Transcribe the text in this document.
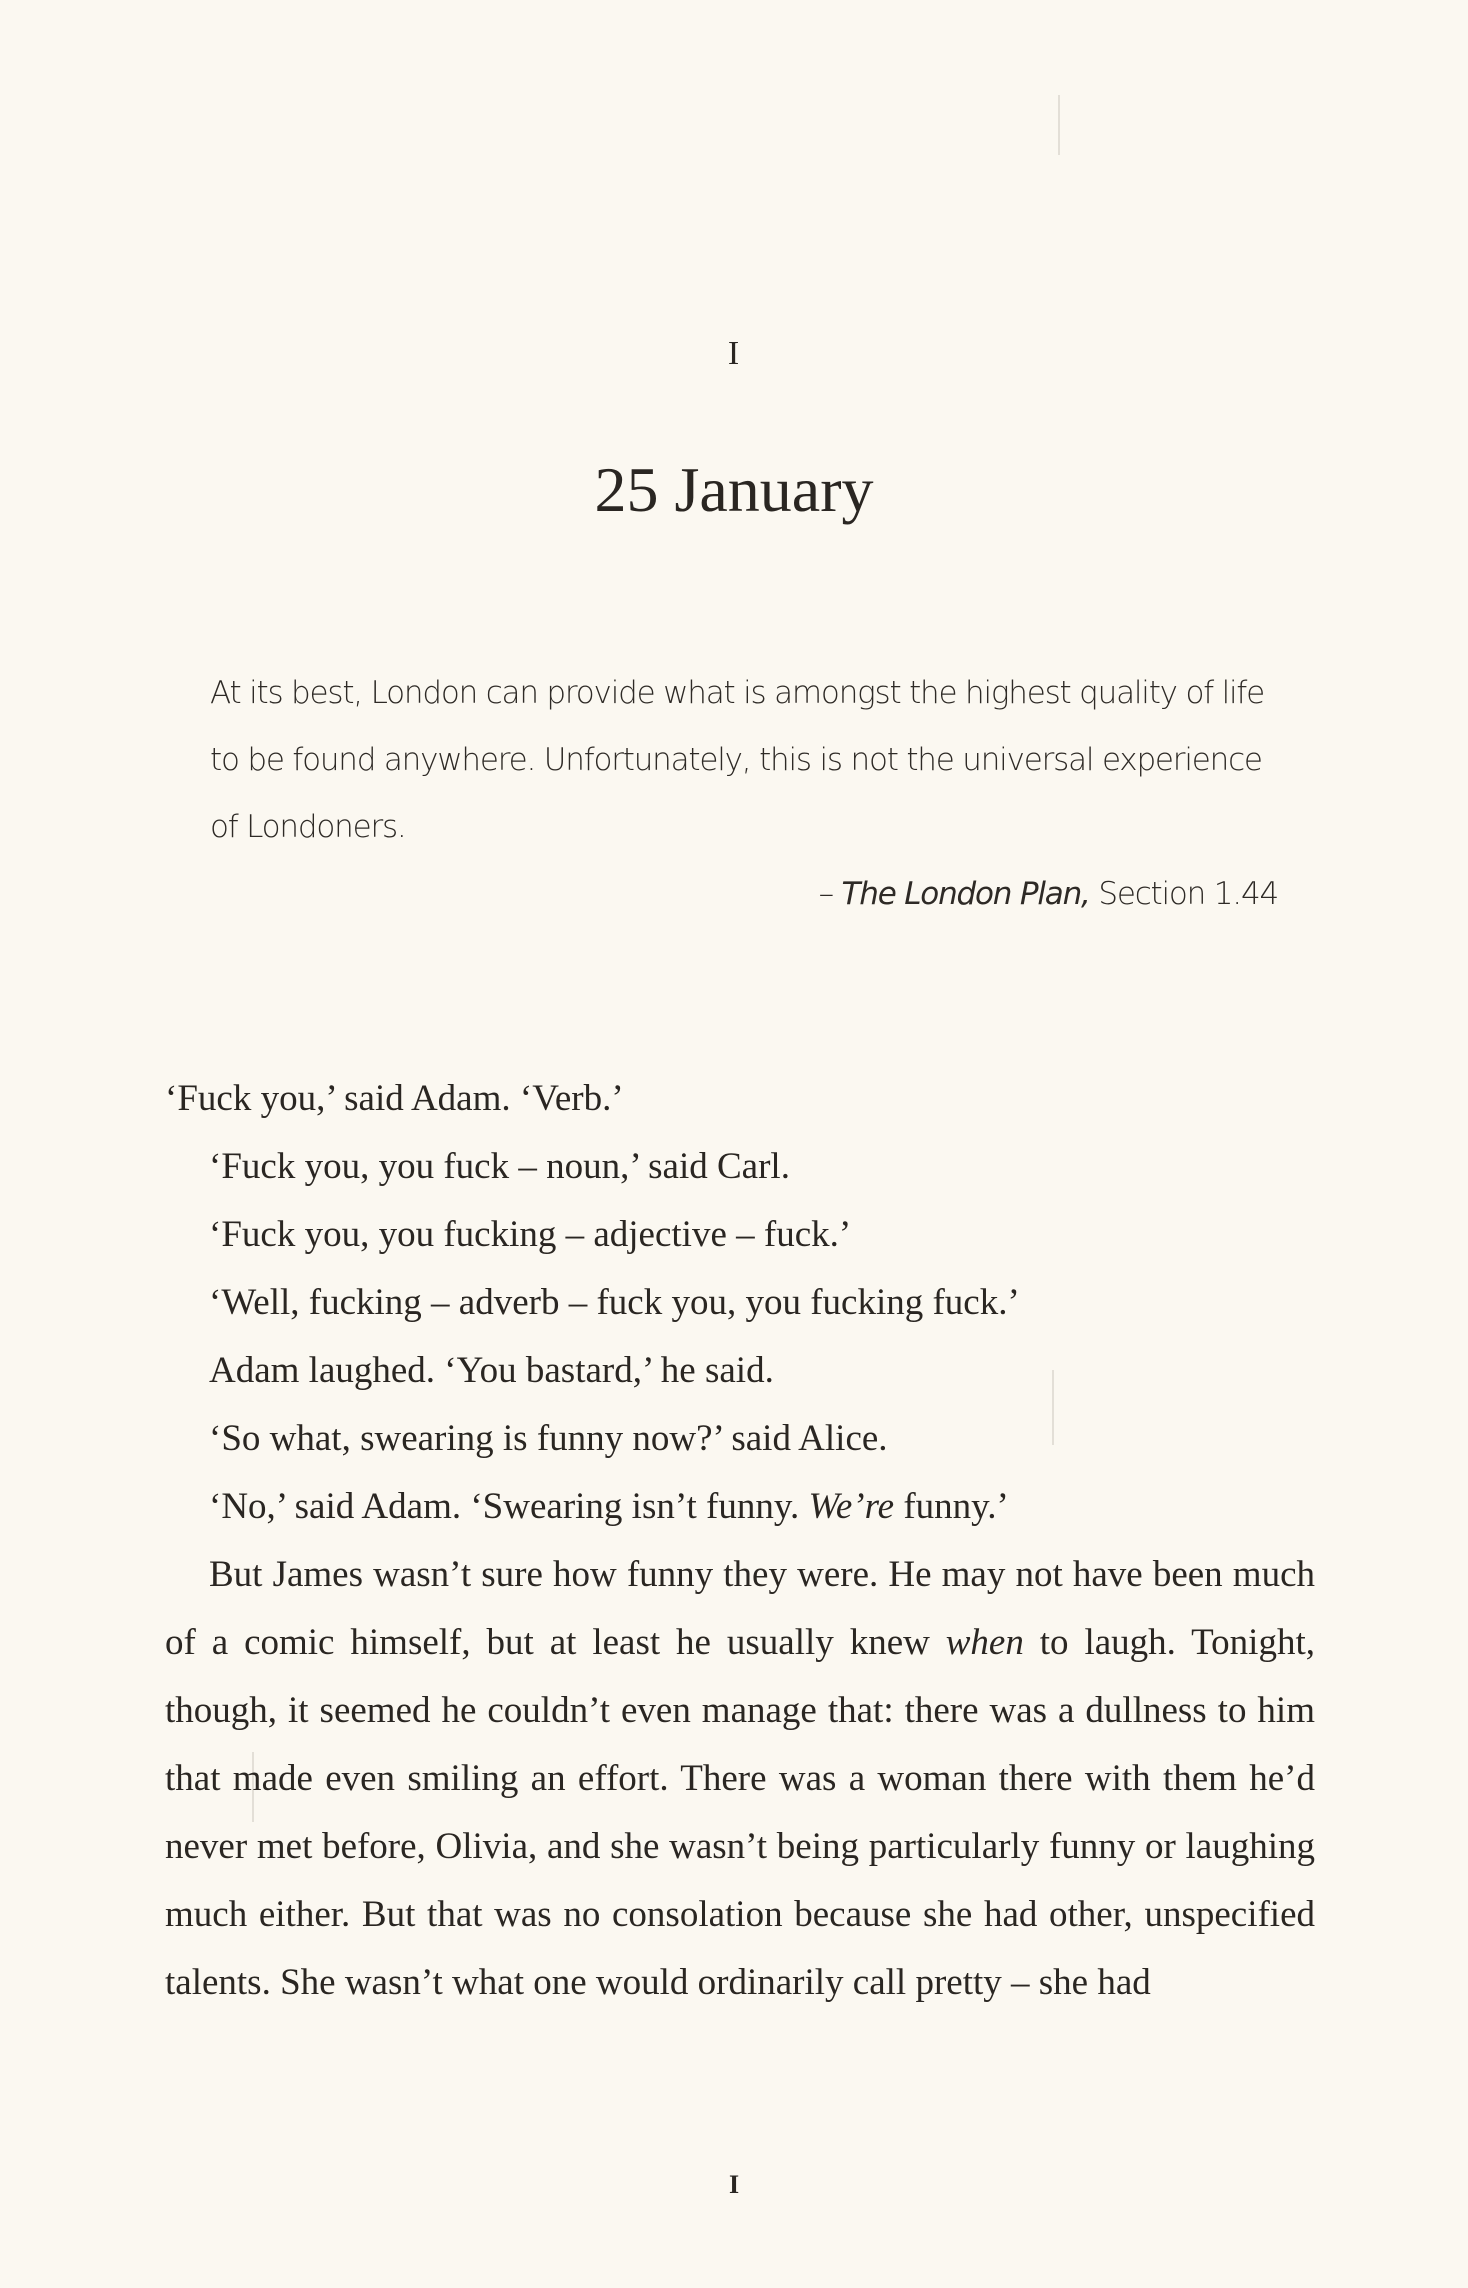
I
25 January

At its best, London can provide what is amongst the highest quality of life to be found anywhere. Unfortunately, this is not the universal experience of Londoners.

– The London Plan, Section 1.44

‘Fuck you,’ said Adam. ‘Verb.’

‘Fuck you, you fuck – noun,’ said Carl.

‘Fuck you, you fucking – adjective – fuck.’

‘Well, fucking – adverb – fuck you, you fucking fuck.’

Adam laughed. ‘You bastard,’ he said.

‘So what, swearing is funny now?’ said Alice.

‘No,’ said Adam. ‘Swearing isn’t funny. We’re funny.’

But James wasn’t sure how funny they were. He may not have been much of a comic himself, but at least he usually knew when to laugh. Tonight, though, it seemed he couldn’t even manage that: there was a dullness to him that made even smiling an effort. There was a woman there with them he’d never met before, Olivia, and she wasn’t being particularly funny or laughing much either. But that was no consolation because she had other, unspecified talents. She wasn’t what one would ordinarily call pretty – she had

I
